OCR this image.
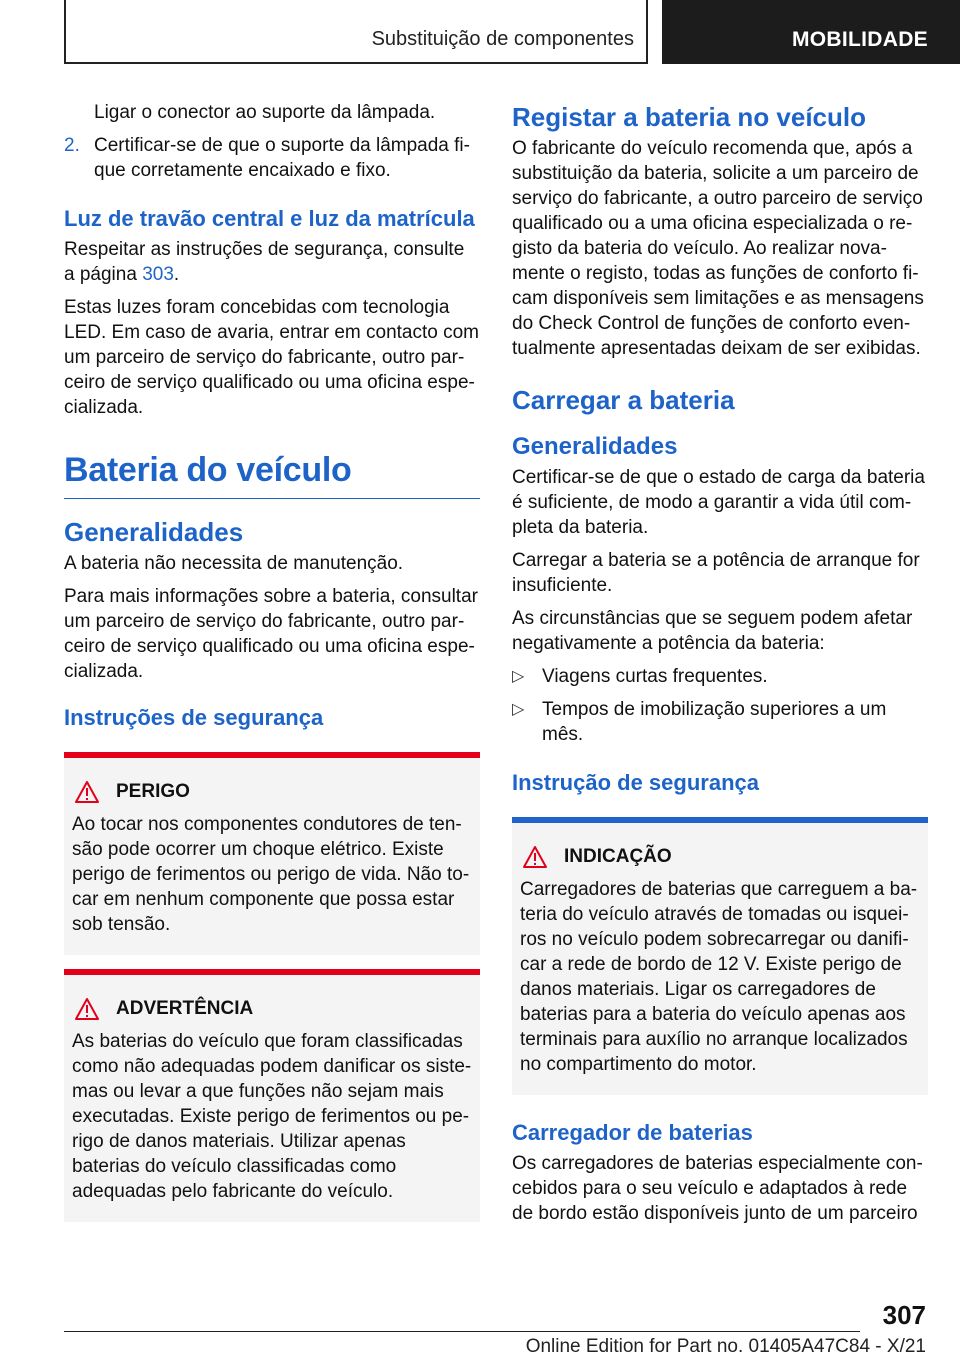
Substituição de componentes	MOBILIDADE

Ligar o conector ao suporte da lâmpada.

2. Certificar-se de que o suporte da lâmpada fique corretamente encaixado e fixo.

Luz de travão central e luz da matrícula

Respeitar as instruções de segurança, consulte a página 303.

Estas luzes foram concebidas com tecnologia LED. Em caso de avaria, entrar em contacto com um parceiro de serviço do fabricante, outro parceiro de serviço qualificado ou uma oficina especializada.

Bateria do veículo
Generalidades

A bateria não necessita de manutenção.

Para mais informações sobre a bateria, consultar um parceiro de serviço do fabricante, outro parceiro de serviço qualificado ou uma oficina especializada.

Instruções de segurança
PERIGO

Ao tocar nos componentes condutores de tensão pode ocorrer um choque elétrico. Existe perigo de ferimentos ou perigo de vida. Não tocar em nenhum componente que possa estar sob tensão.

ADVERTÊNCIA

As baterias do veículo que foram classificadas como não adequadas podem danificar os sistemas ou levar a que funções não sejam mais executadas. Existe perigo de ferimentos ou perigo de danos materiais. Utilizar apenas baterias do veículo classificadas como adequadas pelo fabricante do veículo.

Registar a bateria no veículo

O fabricante do veículo recomenda que, após a substituição da bateria, solicite a um parceiro de serviço do fabricante, a outro parceiro de serviço qualificado ou a uma oficina especializada o registo da bateria do veículo. Ao realizar novamente o registo, todas as funções de conforto ficam disponíveis sem limitações e as mensagens do Check Control de funções de conforto eventualmente apresentadas deixam de ser exibidas.

Carregar a bateria
Generalidades

Certificar-se de que o estado de carga da bateria é suficiente, de modo a garantir a vida útil completa da bateria.

Carregar a bateria se a potência de arranque for insuficiente.

As circunstâncias que se seguem podem afetar negativamente a potência da bateria:

▷ Viagens curtas frequentes.

▷ Tempos de imobilização superiores a um mês.

Instrução de segurança
INDICAÇÃO

Carregadores de baterias que carreguem a bateria do veículo através de tomadas ou isqueiros no veículo podem sobrecarregar ou danificar a rede de bordo de 12 V. Existe perigo de danos materiais. Ligar os carregadores de baterias para a bateria do veículo apenas aos terminais para auxílio no arranque localizados no compartimento do motor.

Carregador de baterias

Os carregadores de baterias especialmente concebidos para o seu veículo e adaptados à rede de bordo estão disponíveis junto de um parceiro

307
Online Edition for Part no. 01405A47C84 - X/21
